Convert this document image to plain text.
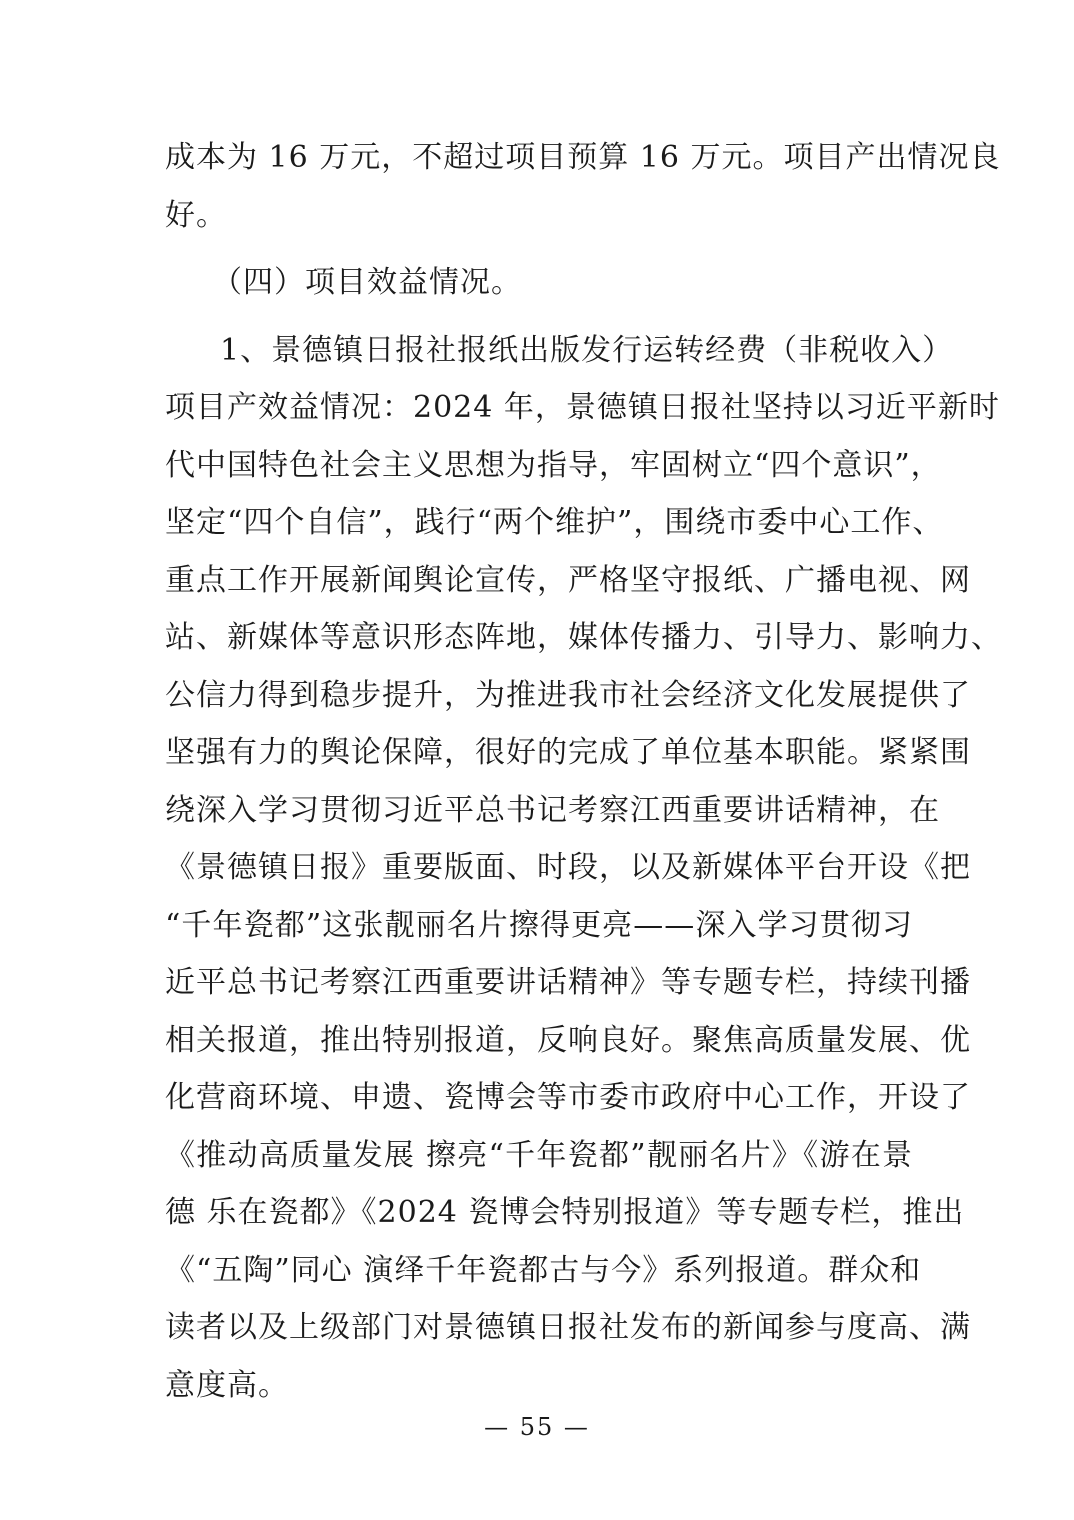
成本为 16 万元，不超过项目预算 16 万元。项目产出情况良
好。
（四）项目效益情况。
1、景德镇日报社报纸出版发行运转经费（非税收入）
项目产效益情况：2024 年，景德镇日报社坚持以习近平新时
代中国特色社会主义思想为指导，牢固树立“四个意识”，
坚定“四个自信”，践行“两个维护”，围绕市委中心工作、
重点工作开展新闻舆论宣传，严格坚守报纸、广播电视、网
站、新媒体等意识形态阵地，媒体传播力、引导力、影响力、
公信力得到稳步提升，为推进我市社会经济文化发展提供了
坚强有力的舆论保障，很好的完成了单位基本职能。紧紧围
绕深入学习贯彻习近平总书记考察江西重要讲话精神，在
《景德镇日报》重要版面、时段，以及新媒体平台开设《把
“千年瓷都”这张靓丽名片擦得更亮——深入学习贯彻习
近平总书记考察江西重要讲话精神》等专题专栏，持续刊播
相关报道，推出特别报道，反响良好。聚焦高质量发展、优
化营商环境、申遗、瓷博会等市委市政府中心工作，开设了
《推动高质量发展 擦亮“千年瓷都”靓丽名片》《游在景
德 乐在瓷都》《2024 瓷博会特别报道》等专题专栏，推出
《“五陶”同心 演绎千年瓷都古与今》系列报道。群众和
读者以及上级部门对景德镇日报社发布的新闻参与度高、满
意度高。
— 55 —
